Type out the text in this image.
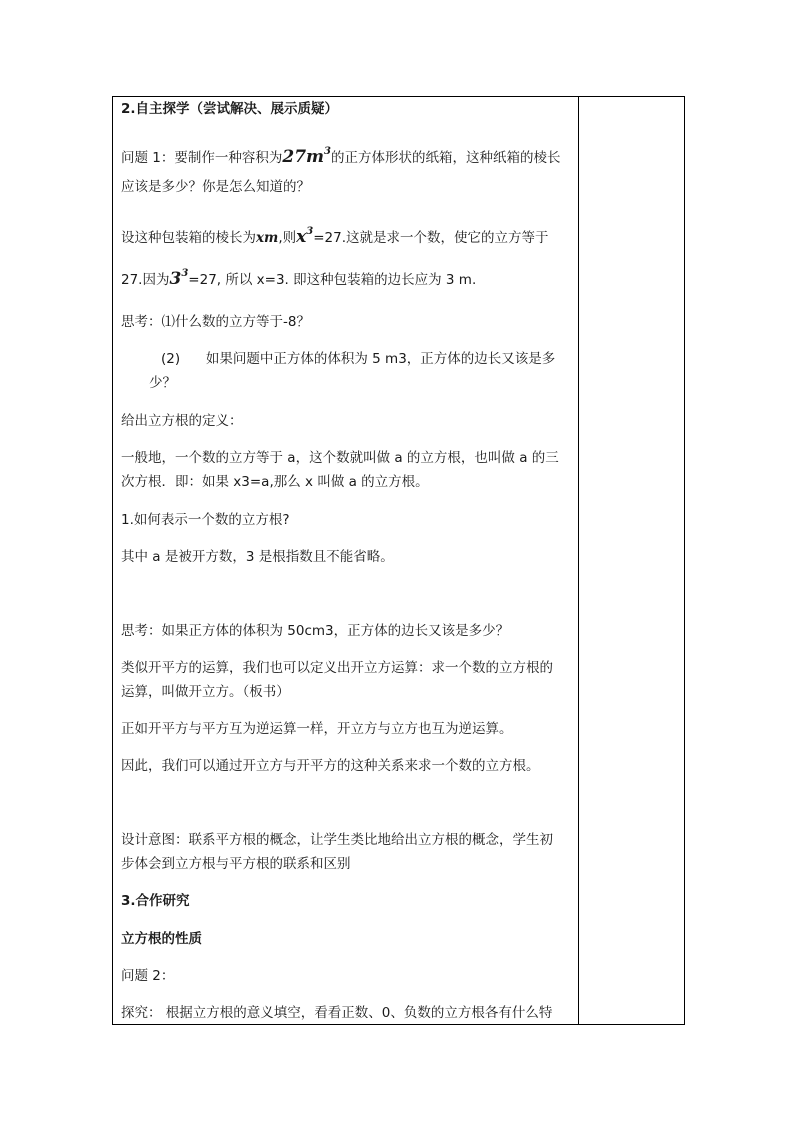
2.自主探学（尝试解决、展示质疑）
问题 1：要制作一种容积为$27m^3$的正方体形状的纸箱，这种纸箱的棱长
应该是多少？你是怎么知道的？
设这种包装箱的棱长为xm,则$x^3=27$.这就是求一个数，使它的立方等于
27.因为$3^3=27$, 所以 x=3. 即这种包装箱的边长应为 3 m.
思考：⑴什么数的立方等于-8？
(2) 如果问题中正方体的体积为 5 m3，正方体的边长又该是多
少？
给出立方根的定义：
一般地，一个数的立方等于 a，这个数就叫做 a 的立方根，也叫做 a 的三
次方根．即：如果 x3=a,那么 x 叫做 a 的立方根。
1.如何表示一个数的立方根?
其中 a 是被开方数，3 是根指数且不能省略。
思考：如果正方体的体积为 50cm3，正方体的边长又该是多少？
类似开平方的运算，我们也可以定义出开立方运算：求一个数的立方根的
运算，叫做开立方。（板书）
正如开平方与平方互为逆运算一样，开立方与立方也互为逆运算。
因此，我们可以通过开立方与开平方的这种关系来求一个数的立方根。
设计意图：联系平方根的概念，让学生类比地给出立方根的概念，学生初
步体会到立方根与平方根的联系和区别
3.合作研究
立方根的性质
问题 2：
探究： 根据立方根的意义填空，看看正数、0、负数的立方根各有什么特
